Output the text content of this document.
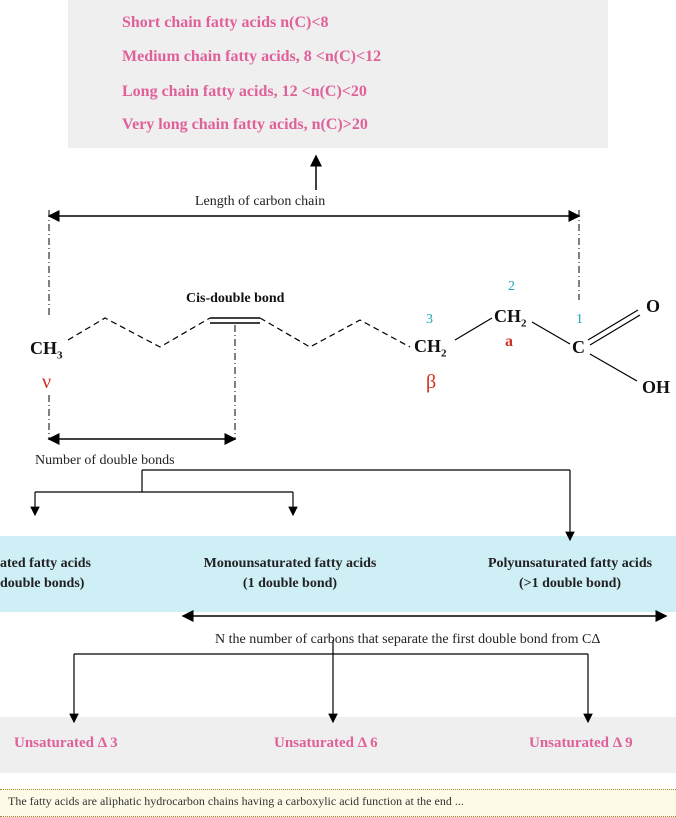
Short chain fatty acids n(C)<8
Medium chain fatty acids, 8 <n(C)<12
Long chain fatty acids, 12 <n(C)<20
Very long chain fatty acids, n(C)>20
Length of carbon chain
Cis-double bond
$CH_3$	$CH_2$
$CH_2$
C
O
OH
1
2
3
a
β
ν
Number of double bonds
ated fatty acids
double bonds)
Monounsaturated fatty acids
(1 double bond)
Polyunsaturated fatty acids
(>1 double bond)
N the number of carbons that separate the first double bond from CΔ
Unsaturated Δ 3	Unsaturated Δ 6	Unsaturated Δ 9
The fatty acids are aliphatic hydrocarbon chains having a carboxylic acid function at the end ...
